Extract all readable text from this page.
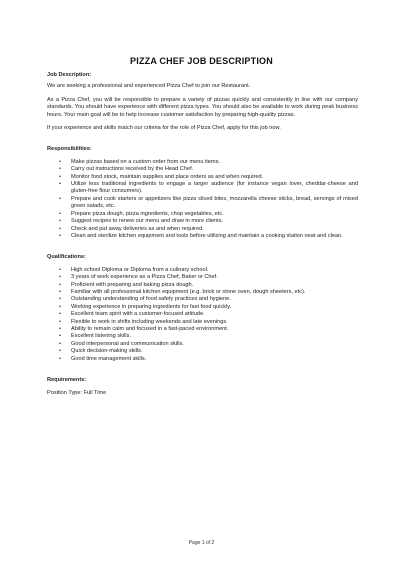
PIZZA CHEF JOB DESCRIPTION

Job Description:

We are seeking a professional and experienced Pizza Chef to join our Restaurant.

As a Pizza Chef, you will be responsible to prepare a variety of pizzas quickly and consistently in line with our company standards. You should have experience with different pizza types. You should also be available to work during peak business hours. Your main goal will be to help increase customer satisfaction by preparing high-quality pizzas.

If your experience and skills match our criteria for the role of Pizza Chef, apply for this job now.

Responsibilities:

• Make pizzas based on a custom order from our menu items.
• Carry out instructions received by the Head Chef.
• Monitor food stock, maintain supplies and place orders as and when required.
• Utilize less traditional ingredients to engage a larger audience (for instance vegan lover, cheddar-cheese and gluten-free flour consumers).
• Prepare and cook starters or appetizers like pizza sliced bites, mozzarella cheese sticks, bread, servings of mixed green salads, etc.
• Prepare pizza dough, pizza ingredients, chop vegetables, etc.
• Suggest recipes to renew our menu and draw in more clients.
• Check and put away deliveries as and when required.
• Clean and sterilize kitchen equipment and tools before utilizing and maintain a cooking station neat and clean.

Qualifications:

• High school Diploma or Diploma from a culinary school.
• 3 years of work experience as a Pizza Chef, Baker or Chef.
• Proficient with preparing and baking pizza dough.
• Familiar with all professional kitchen equipment (e.g. brick or stone oven, dough sheeters, etc).
• Outstanding understanding of food safety practices and hygiene.
• Working experience in preparing ingredients for fast food quickly.
• Excellent team spirit with a customer-focused attitude.
• Flexible to work in shifts including weekends and late evenings.
• Ability to remain calm and focused in a fast-paced environment.
• Excellent listening skills.
• Good interpersonal and communication skills.
• Quick decision-making skills.
• Good time management skills.

Requirements:

Position Type: Full Time

Page 1 of 2
